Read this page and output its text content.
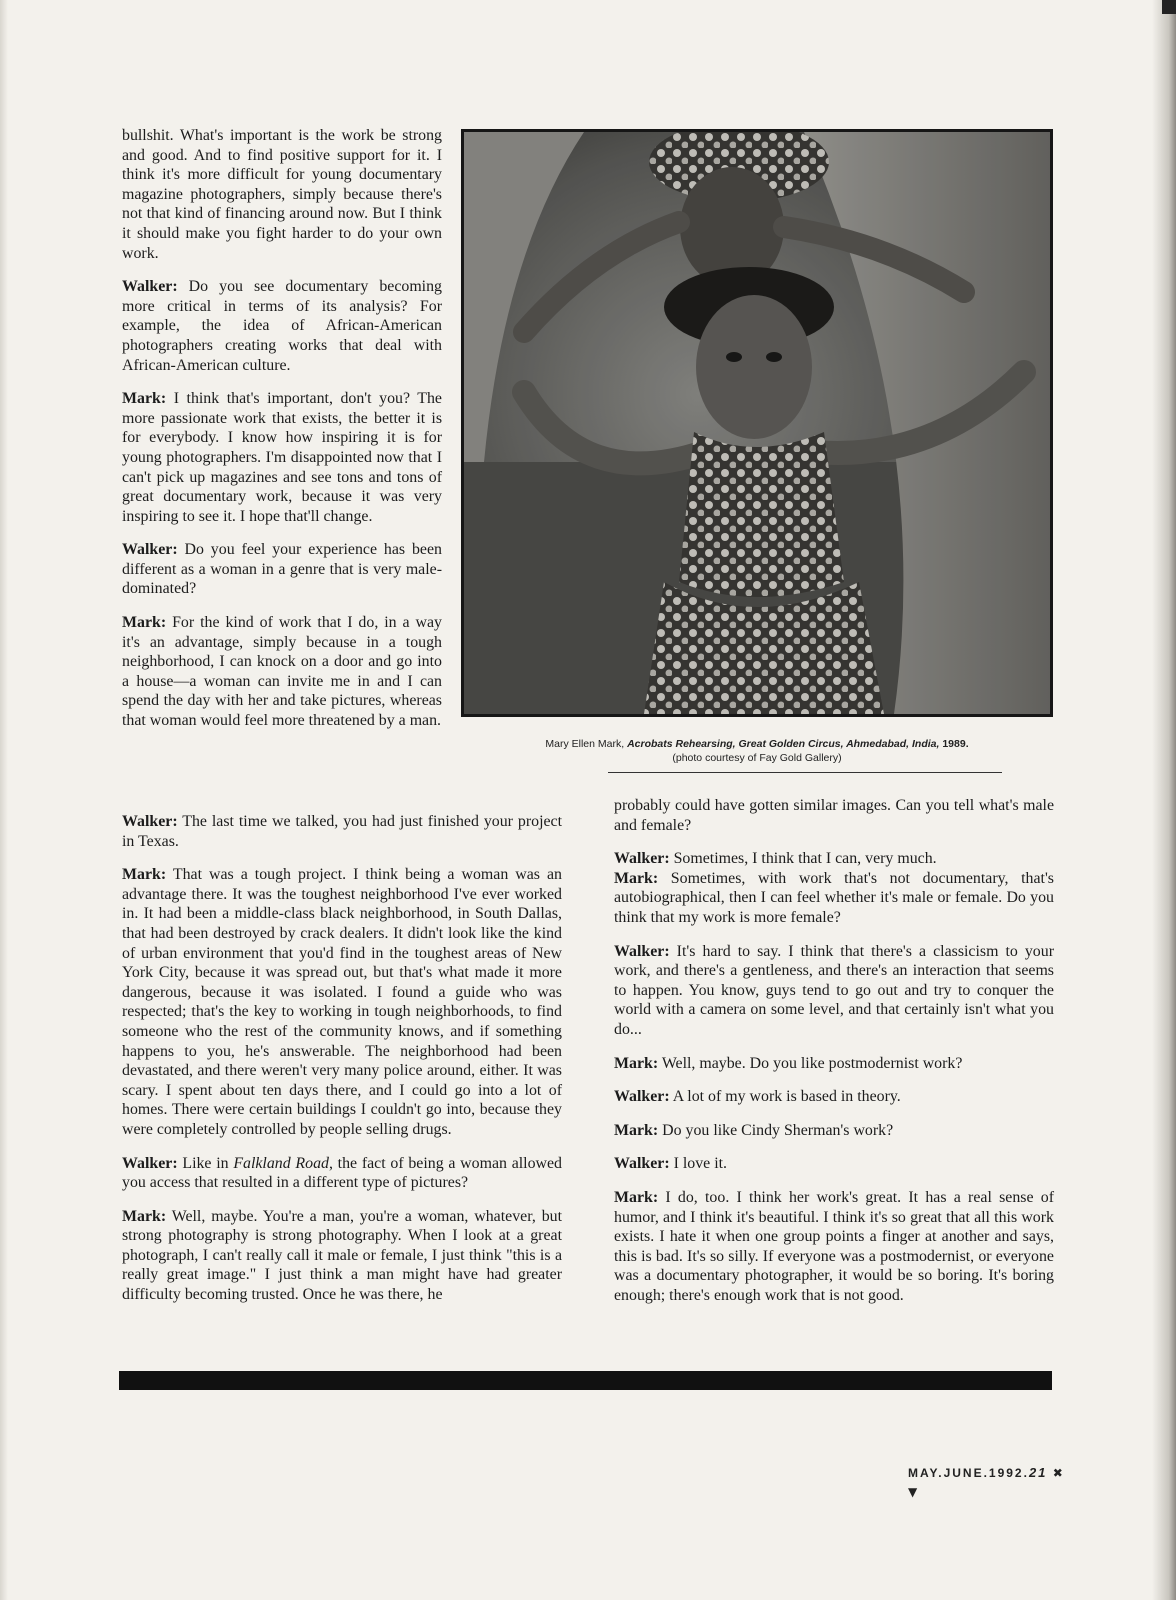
bullshit. What's important is the work be strong and good. And to find positive support for it. I think it's more difficult for young documentary magazine photographers, simply because there's not that kind of financing around now. But I think it should make you fight harder to do your own work.

Walker: Do you see documentary becoming more critical in terms of its analysis? For example, the idea of African-American photographers creating works that deal with African-American culture.

Mark: I think that's important, don't you? The more passionate work that exists, the better it is for everybody. I know how inspiring it is for young photographers. I'm disappointed now that I can't pick up magazines and see tons and tons of great documentary work, because it was very inspiring to see it. I hope that'll change.

Walker: Do you feel your experience has been different as a woman in a genre that is very male-dominated?

Mark: For the kind of work that I do, in a way it's an advantage, simply because in a tough neighborhood, I can knock on a door and go into a house—a woman can invite me in and I can spend the day with her and take pictures, whereas that woman would feel more threatened by a man.

Mary Ellen Mark, Acrobats Rehearsing, Great Golden Circus, Ahmedabad, India, 1989.
(photo courtesy of Fay Gold Gallery)

Walker: The last time we talked, you had just finished your project in Texas.

Mark: That was a tough project. I think being a woman was an advantage there. It was the toughest neighborhood I've ever worked in. It had been a middle-class black neighborhood, in South Dallas, that had been destroyed by crack dealers. It didn't look like the kind of urban environment that you'd find in the toughest areas of New York City, because it was spread out, but that's what made it more dangerous, because it was isolated. I found a guide who was respected; that's the key to working in tough neighborhoods, to find someone who the rest of the community knows, and if something happens to you, he's answerable. The neighborhood had been devastated, and there weren't very many police around, either. It was scary. I spent about ten days there, and I could go into a lot of homes. There were certain buildings I couldn't go into, because they were completely controlled by people selling drugs.

Walker: Like in Falkland Road, the fact of being a woman allowed you access that resulted in a different type of pictures?

Mark: Well, maybe. You're a man, you're a woman, whatever, but strong photography is strong photography. When I look at a great photograph, I can't really call it male or female, I just think "this is a really great image." I just think a man might have had greater difficulty becoming trusted. Once he was there, he

probably could have gotten similar images. Can you tell what's male and female?

Walker: Sometimes, I think that I can, very much.

Mark: Sometimes, with work that's not documentary, that's autobiographical, then I can feel whether it's male or female. Do you think that my work is more female?

Walker: It's hard to say. I think that there's a classicism to your work, and there's a gentleness, and there's an interaction that seems to happen. You know, guys tend to go out and try to conquer the world with a camera on some level, and that certainly isn't what you do...

Mark: Well, maybe. Do you like postmodernist work?

Walker: A lot of my work is based in theory.

Mark: Do you like Cindy Sherman's work?

Walker: I love it.

Mark: I do, too. I think her work's great. It has a real sense of humor, and I think it's beautiful. I think it's so great that all this work exists. I hate it when one group points a finger at another and says, this is bad. It's so silly. If everyone was a postmodernist, or everyone was a documentary photographer, it would be so boring. It's boring enough; there's enough work that is not good.

MAY.JUNE.1992.21 ✖
▼
